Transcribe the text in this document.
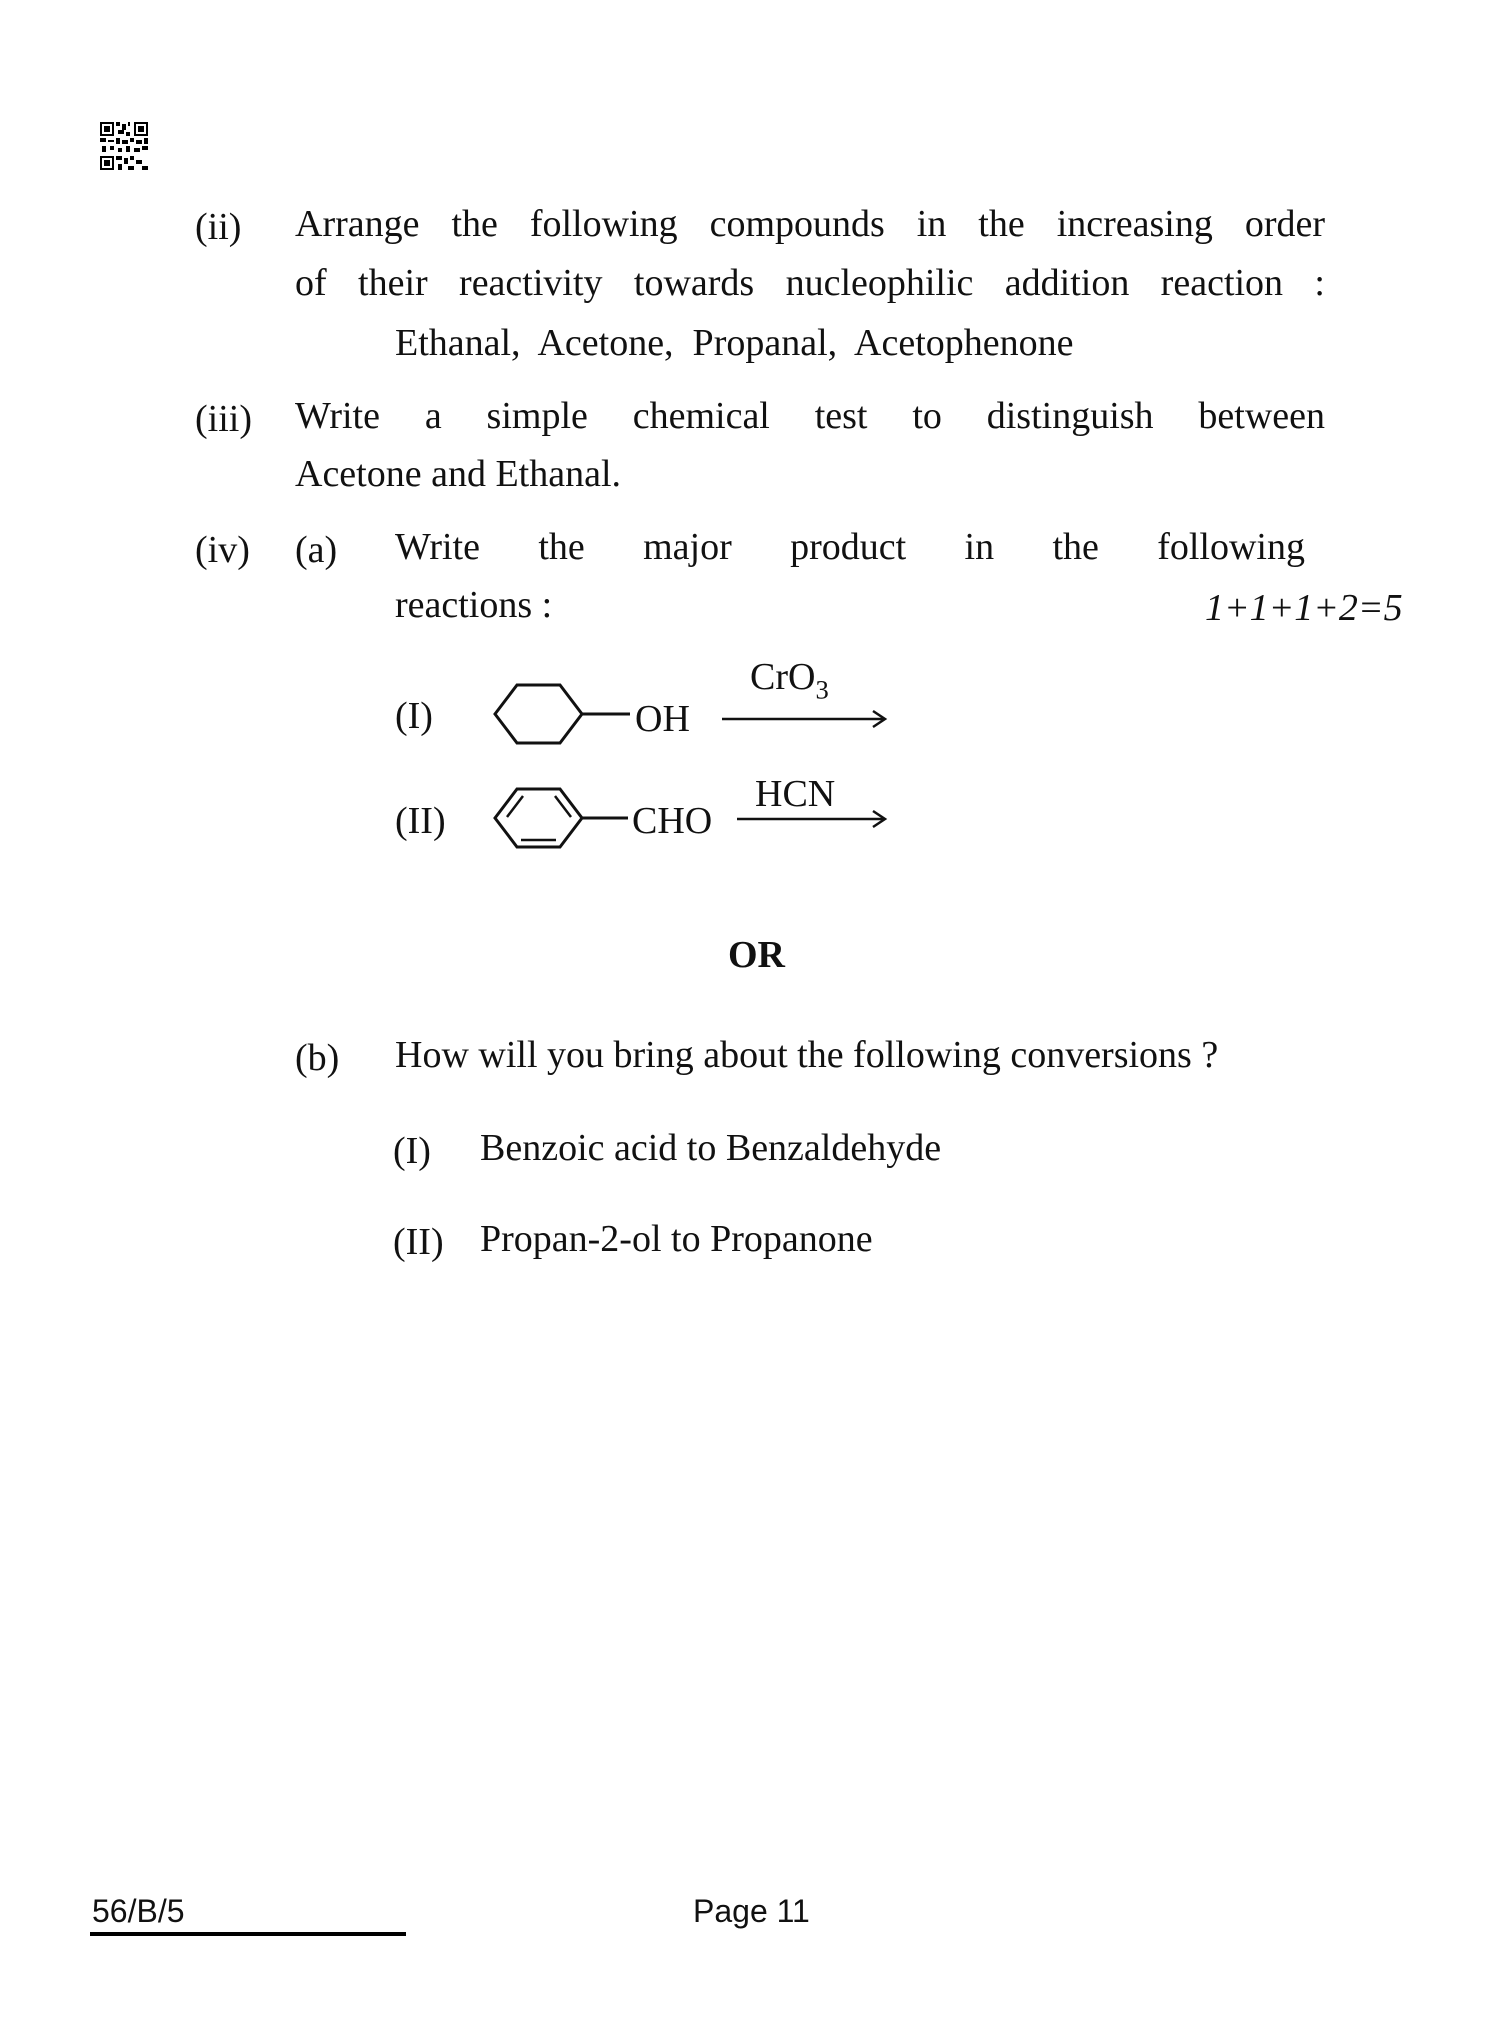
(ii) Arrange the following compounds in the increasing order
of their reactivity towards nucleophilic addition reaction :
Ethanal,  Acetone,  Propanal,  Acetophenone
(iii) Write a simple chemical test to distinguish between
Acetone and Ethanal.
(iv) (a) Write the major product in the following
reactions :	1+1+1+2=5
(I)	OH
CrO$_3$
(II)	CHO
HCN
OR
(b) How will you bring about the following conversions ?
(I) Benzoic acid to Benzaldehyde
(II) Propan-2-ol to Propanone
56/B/5	Page 11
